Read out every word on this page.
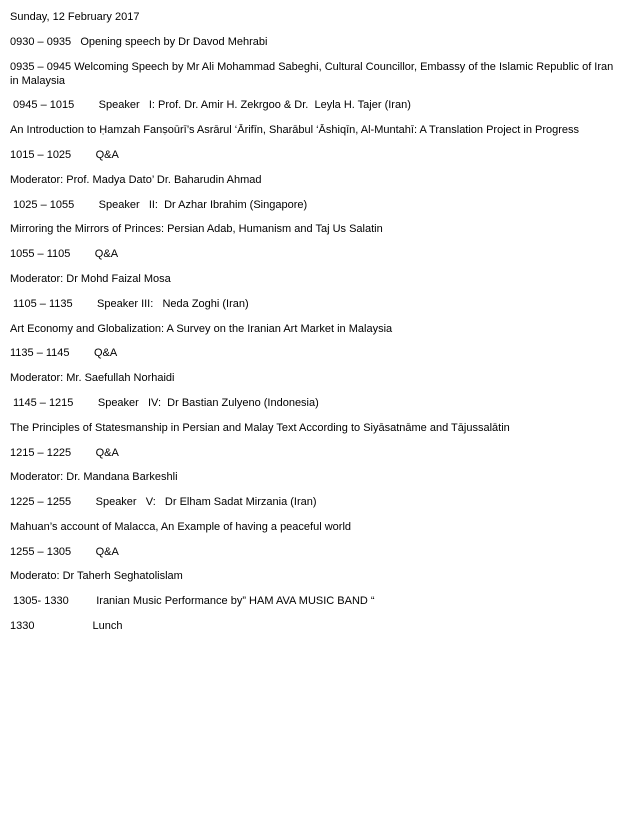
Sunday, 12 February 2017
0930 – 0935   Opening speech by Dr Davod Mehrabi
0935 – 0945 Welcoming Speech by Mr Ali Mohammad Sabeghi, Cultural Councillor, Embassy of the Islamic Republic of Iran in Malaysia
0945 – 1015        Speaker   I: Prof. Dr. Amir H. Zekrgoo & Dr.  Leyla H. Tajer (Iran)
An Introduction to Ḥamzah Fanṣoūrī’s Asrārul ‘Ārifīn, Sharābul ‘Āshiqīn, Al-Muntahī: A Translation Project in Progress
1015 – 1025        Q&A
Moderator: Prof. Madya Dato’ Dr. Baharudin Ahmad
1025 – 1055        Speaker   II:  Dr Azhar Ibrahim (Singapore)
Mirroring the Mirrors of Princes: Persian Adab, Humanism and Taj Us Salatin
1055 – 1105        Q&A
Moderator: Dr Mohd Faizal Mosa
1105 – 1135        Speaker III:   Neda Zoghi (Iran)
Art Economy and Globalization: A Survey on the Iranian Art Market in Malaysia
1135 – 1145        Q&A
Moderator: Mr. Saefullah Norhaidi
1145 – 1215        Speaker   IV:  Dr Bastian Zulyeno (Indonesia)
The Principles of Statesmanship in Persian and Malay Text According to Siyāsatnāme and Tājussalātin
1215 – 1225        Q&A
Moderator: Dr. Mandana Barkeshli
1225 – 1255        Speaker   V:   Dr Elham Sadat Mirzania (Iran)
Mahuan’s account of Malacca, An Example of having a peaceful world
1255 – 1305        Q&A
Moderato: Dr Taherh Seghatolislam
1305- 1330         Iranian Music Performance by” HAM AVA MUSIC BAND “
1330                   Lunch
